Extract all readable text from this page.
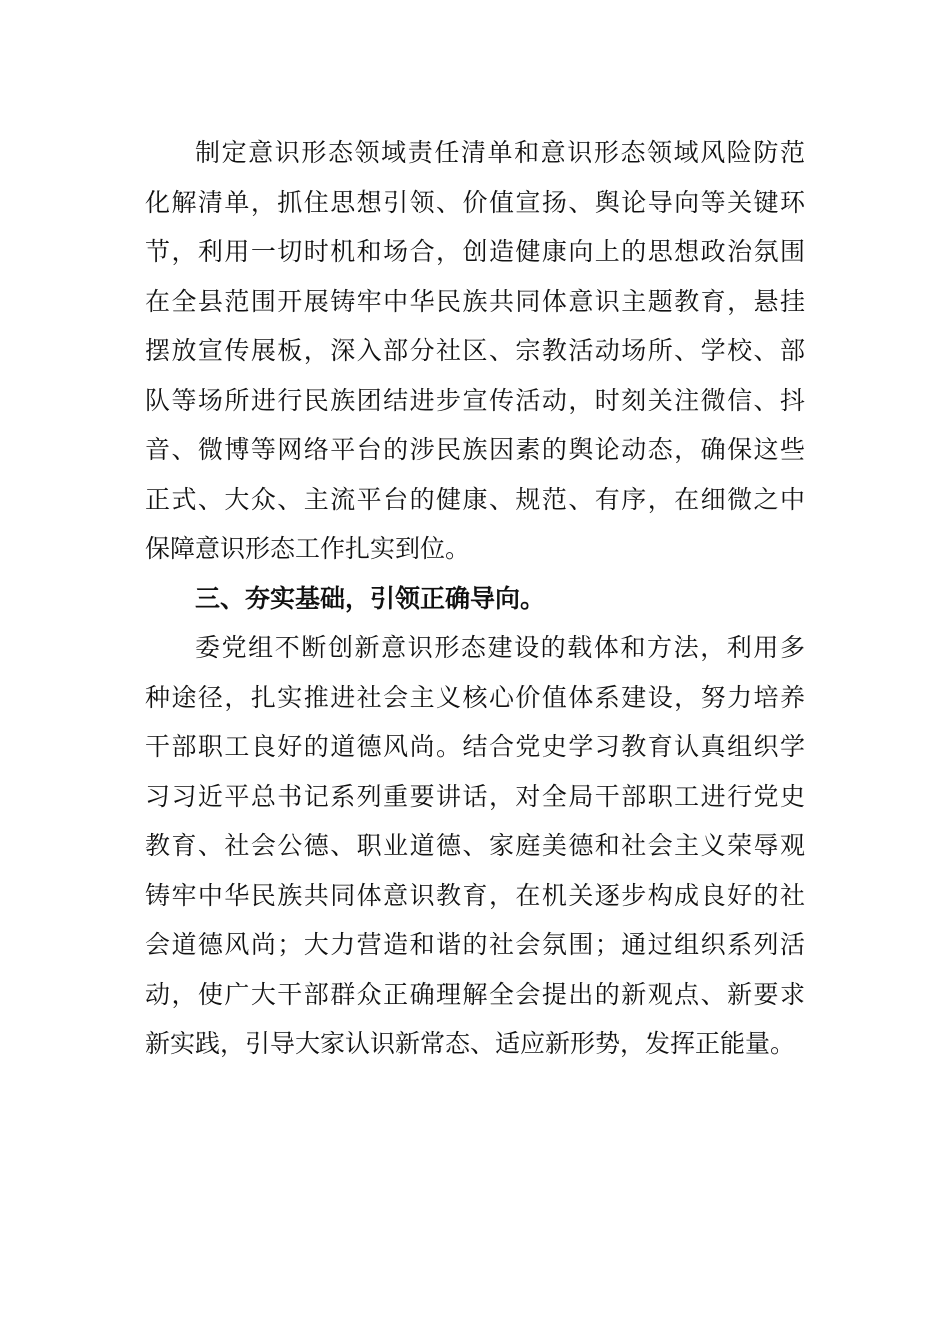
制定意识形态领域责任清单和意识形态领域风险防范
化解清单，抓住思想引领、价值宣扬、舆论导向等关键环
节，利用一切时机和场合，创造健康向上的思想政治氛围
在全县范围开展铸牢中华民族共同体意识主题教育，悬挂
摆放宣传展板，深入部分社区、宗教活动场所、学校、部
队等场所进行民族团结进步宣传活动，时刻关注微信、抖
音、微博等网络平台的涉民族因素的舆论动态，确保这些
正式、大众、主流平台的健康、规范、有序，在细微之中
保障意识形态工作扎实到位。
三、夯实基础，引领正确导向。
委党组不断创新意识形态建设的载体和方法，利用多
种途径，扎实推进社会主义核心价值体系建设，努力培养
干部职工良好的道德风尚。结合党史学习教育认真组织学
习习近平总书记系列重要讲话，对全局干部职工进行党史
教育、社会公德、职业道德、家庭美德和社会主义荣辱观
铸牢中华民族共同体意识教育，在机关逐步构成良好的社
会道德风尚；大力营造和谐的社会氛围；通过组织系列活
动，使广大干部群众正确理解全会提出的新观点、新要求
新实践，引导大家认识新常态、适应新形势，发挥正能量。
